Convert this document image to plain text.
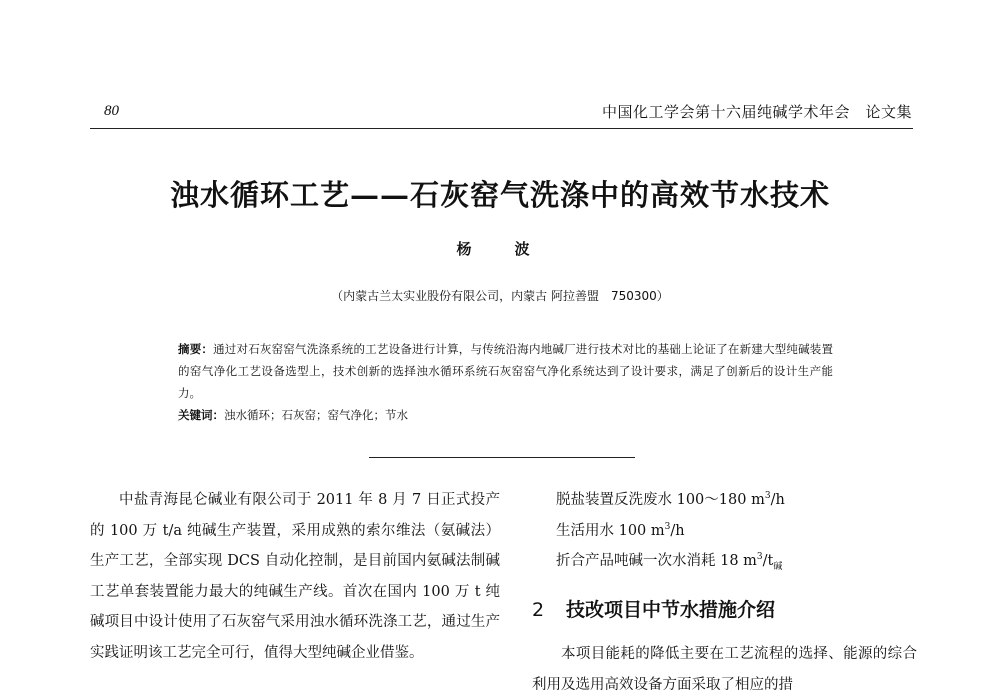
80	中国化工学会第十六届纯碱学术年会　论文集
浊水循环工艺——石灰窑气洗涤中的高效节水技术
杨　波
（内蒙古兰太实业股份有限公司，内蒙古 阿拉善盟　750300）

摘要：通过对石灰窑窑气洗涤系统的工艺设备进行计算，与传统沿海内地碱厂进行技术对比的基础上论证了在新建大型纯碱装置的窑气净化工艺设备选型上，技术创新的选择浊水循环系统石灰窑窑气净化系统达到了设计要求，满足了创新后的设计生产能力。

关键词：浊水循环；石灰窑；窑气净化；节水

中盐青海昆仑碱业有限公司于 2011 年 8 月 7 日正式投产的 100 万 t/a 纯碱生产装置，采用成熟的索尔维法（氨碱法）生产工艺，全部实现 DCS 自动化控制，是目前国内氨碱法制碱工艺单套装置能力最大的纯碱生产线。首次在国内 100 万 t 纯碱项目中设计使用了石灰窑气采用浊水循环洗涤工艺，通过生产实践证明该工艺完全可行，值得大型纯碱企业借鉴。

脱盐装置反洗废水 100～180 $m^3/h$

生活用水 100 $m^3/h$

折合产品吨碱一次水消耗 18 $m^3/t_碱$

2 技改项目中节水措施介绍

本项目能耗的降低主要在工艺流程的选择、能源的综合利用及选用高效设备方面采取了相应的措
